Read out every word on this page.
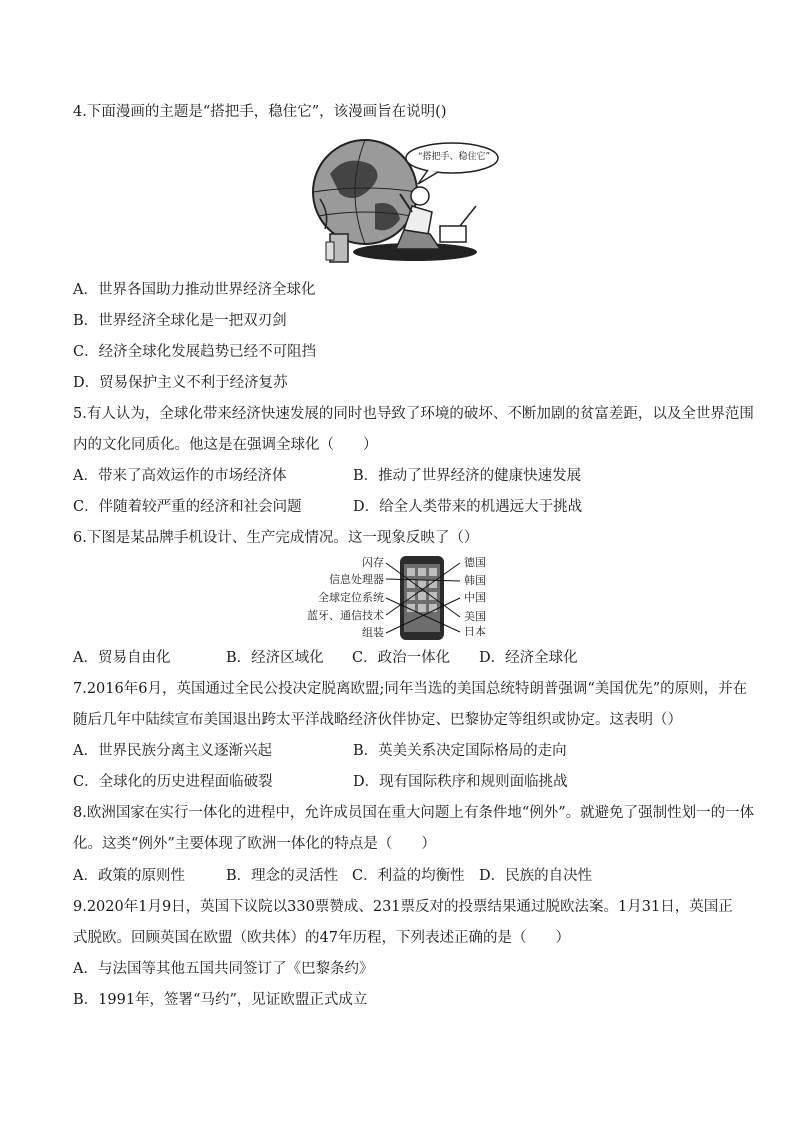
4.下面漫画的主题是“搭把手，稳住它”，该漫画旨在说明()
“搭把手、稳住它”
A．世界各国助力推动世界经济全球化
B．世界经济全球化是一把双刃剑
C．经济全球化发展趋势已经不可阻挡
D．贸易保护主义不利于经济复苏
5.有人认为，全球化带来经济快速发展的同时也导致了环境的破坏、不断加剧的贫富差距，以及全世界范围
内的文化同质化。他这是在强调全球化（　　）
A．带来了高效运作的市场经济体	B．推动了世界经济的健康快速发展
C．伴随着较严重的经济和社会问题	D．给全人类带来的机遇远大于挑战
6.下图是某品牌手机设计、生产完成情况。这一现象反映了（）
闪存
信息处理器
全球定位系统
蓝牙、通信技术
组装
德国
韩国
中国
美国
日本
A．贸易自由化	B．经济区域化 C．政治一体化 D．经济全球化
7.2016年6月，英国通过全民公投决定脱离欧盟;同年当选的美国总统特朗普强调“美国优先”的原则，并在
随后几年中陆续宣布美国退出跨太平洋战略经济伙伴协定、巴黎协定等组织或协定。这表明（）
A．世界民族分离主义逐渐兴起	B．英美关系决定国际格局的走向
C．全球化的历史进程面临破裂	D．现有国际秩序和规则面临挑战
8.欧洲国家在实行一体化的进程中，允许成员国在重大问题上有条件地“例外”。就避免了强制性划一的一体
化。这类“例外”主要体现了欧洲一体化的特点是（　　）
A．政策的原则性	B．理念的灵活性 C．利益的均衡性 D．民族的自决性
9.2020年1月9日，英国下议院以330票赞成、231票反对的投票结果通过脱欧法案。1月31日，英国正
式脱欧。回顾英国在欧盟（欧共体）的47年历程，下列表述正确的是（　　）
A．与法国等其他五国共同签订了《巴黎条约》
B．1991年，签署“马约”，见证欧盟正式成立
